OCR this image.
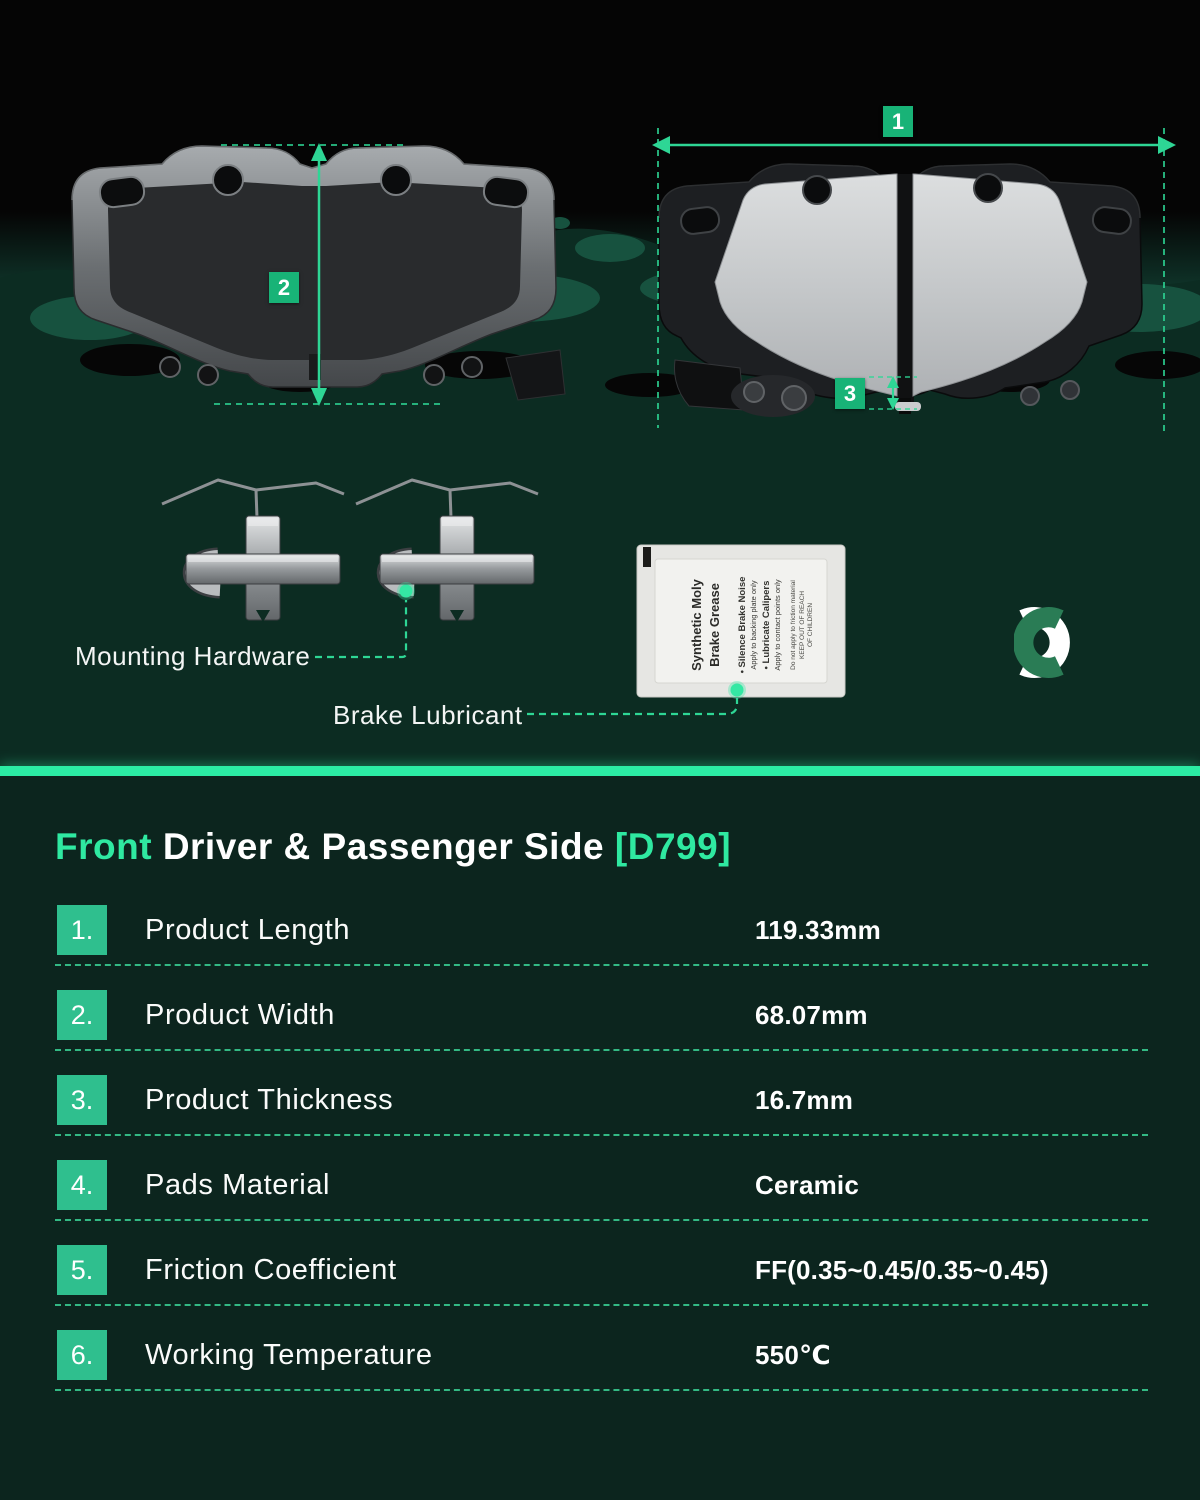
Synthetic Moly Brake Grease • Silence Brake Noise Apply to backing plate only • Lubricate Calipers Apply to contact points only Do not apply to friction material KEEP OUT OF REACH OF CHILDREN
1
2
3
Mounting Hardware
Brake Lubricant
Front Driver & Passenger Side [D799]
1.	Product Length	119.33mm
2.	Product Width	68.07mm
3.	Product Thickness	16.7mm
4.	Pads Material	Ceramic
5.	Friction Coefficient	FF(0.35~0.45/0.35~0.45)
6.	Working Temperature	550℃
